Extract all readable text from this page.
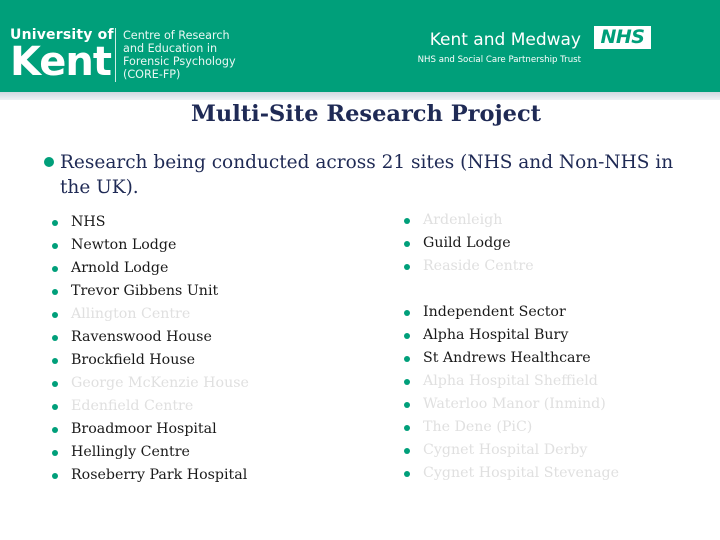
University of
Kent
Centre of Research
and Education in
Forensic Psychology
(CORE-FP)
Kent and Medway	NHS
NHS and Social Care Partnership Trust
Multi-Site Research Project
Research being conducted across 21 sites (NHS and Non-NHS in the UK).
NHS
Newton Lodge
Arnold Lodge
Trevor Gibbens Unit
Allington Centre
Ravenswood House
Brockfield House
George McKenzie House
Edenfield Centre
Broadmoor Hospital
Hellingly Centre
Roseberry Park Hospital
Ardenleigh
Guild Lodge
Reaside Centre
Independent Sector
Alpha Hospital Bury
St Andrews Healthcare
Alpha Hospital Sheffield
Waterloo Manor (Inmind)
The Dene (PiC)
Cygnet Hospital Derby
Cygnet Hospital Stevenage
